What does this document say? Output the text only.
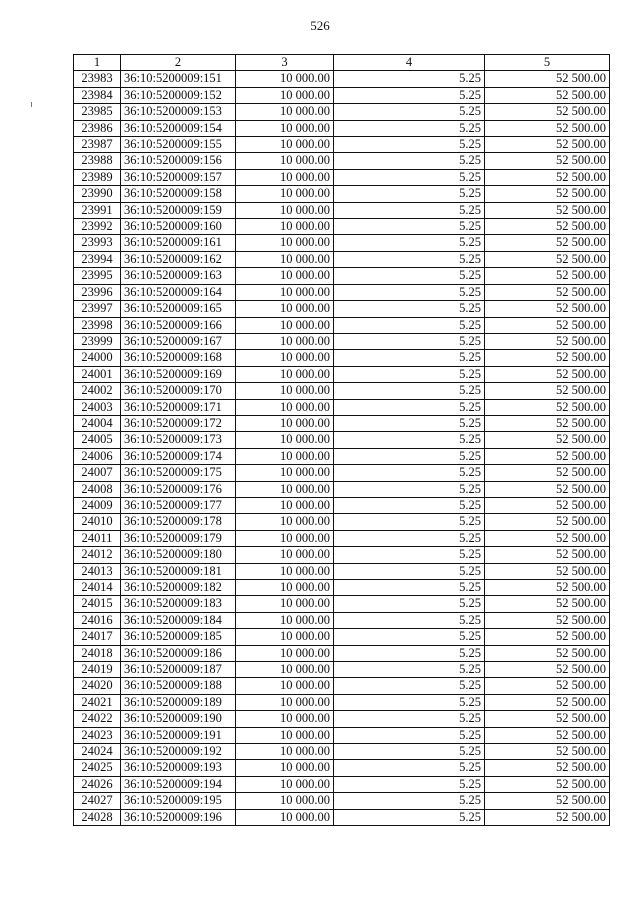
526
1	2	3	4	5
23983	36:10:5200009:151	10 000.00	5.25	52 500.00
23984	36:10:5200009:152	10 000.00	5.25	52 500.00
23985	36:10:5200009:153	10 000.00	5.25	52 500.00
23986	36:10:5200009:154	10 000.00	5.25	52 500.00
23987	36:10:5200009:155	10 000.00	5.25	52 500.00
23988	36:10:5200009:156	10 000.00	5.25	52 500.00
23989	36:10:5200009:157	10 000.00	5.25	52 500.00
23990	36:10:5200009:158	10 000.00	5.25	52 500.00
23991	36:10:5200009:159	10 000.00	5.25	52 500.00
23992	36:10:5200009:160	10 000.00	5.25	52 500.00
23993	36:10:5200009:161	10 000.00	5.25	52 500.00
23994	36:10:5200009:162	10 000.00	5.25	52 500.00
23995	36:10:5200009:163	10 000.00	5.25	52 500.00
23996	36:10:5200009:164	10 000.00	5.25	52 500.00
23997	36:10:5200009:165	10 000.00	5.25	52 500.00
23998	36:10:5200009:166	10 000.00	5.25	52 500.00
23999	36:10:5200009:167	10 000.00	5.25	52 500.00
24000	36:10:5200009:168	10 000.00	5.25	52 500.00
24001	36:10:5200009:169	10 000.00	5.25	52 500.00
24002	36:10:5200009:170	10 000.00	5.25	52 500.00
24003	36:10:5200009:171	10 000.00	5.25	52 500.00
24004	36:10:5200009:172	10 000.00	5.25	52 500.00
24005	36:10:5200009:173	10 000.00	5.25	52 500.00
24006	36:10:5200009:174	10 000.00	5.25	52 500.00
24007	36:10:5200009:175	10 000.00	5.25	52 500.00
24008	36:10:5200009:176	10 000.00	5.25	52 500.00
24009	36:10:5200009:177	10 000.00	5.25	52 500.00
24010	36:10:5200009:178	10 000.00	5.25	52 500.00
24011	36:10:5200009:179	10 000.00	5.25	52 500.00
24012	36:10:5200009:180	10 000.00	5.25	52 500.00
24013	36:10:5200009:181	10 000.00	5.25	52 500.00
24014	36:10:5200009:182	10 000.00	5.25	52 500.00
24015	36:10:5200009:183	10 000.00	5.25	52 500.00
24016	36:10:5200009:184	10 000.00	5.25	52 500.00
24017	36:10:5200009:185	10 000.00	5.25	52 500.00
24018	36:10:5200009:186	10 000.00	5.25	52 500.00
24019	36:10:5200009:187	10 000.00	5.25	52 500.00
24020	36:10:5200009:188	10 000.00	5.25	52 500.00
24021	36:10:5200009:189	10 000.00	5.25	52 500.00
24022	36:10:5200009:190	10 000.00	5.25	52 500.00
24023	36:10:5200009:191	10 000.00	5.25	52 500.00
24024	36:10:5200009:192	10 000.00	5.25	52 500.00
24025	36:10:5200009:193	10 000.00	5.25	52 500.00
24026	36:10:5200009:194	10 000.00	5.25	52 500.00
24027	36:10:5200009:195	10 000.00	5.25	52 500.00
24028	36:10:5200009:196	10 000.00	5.25	52 500.00
